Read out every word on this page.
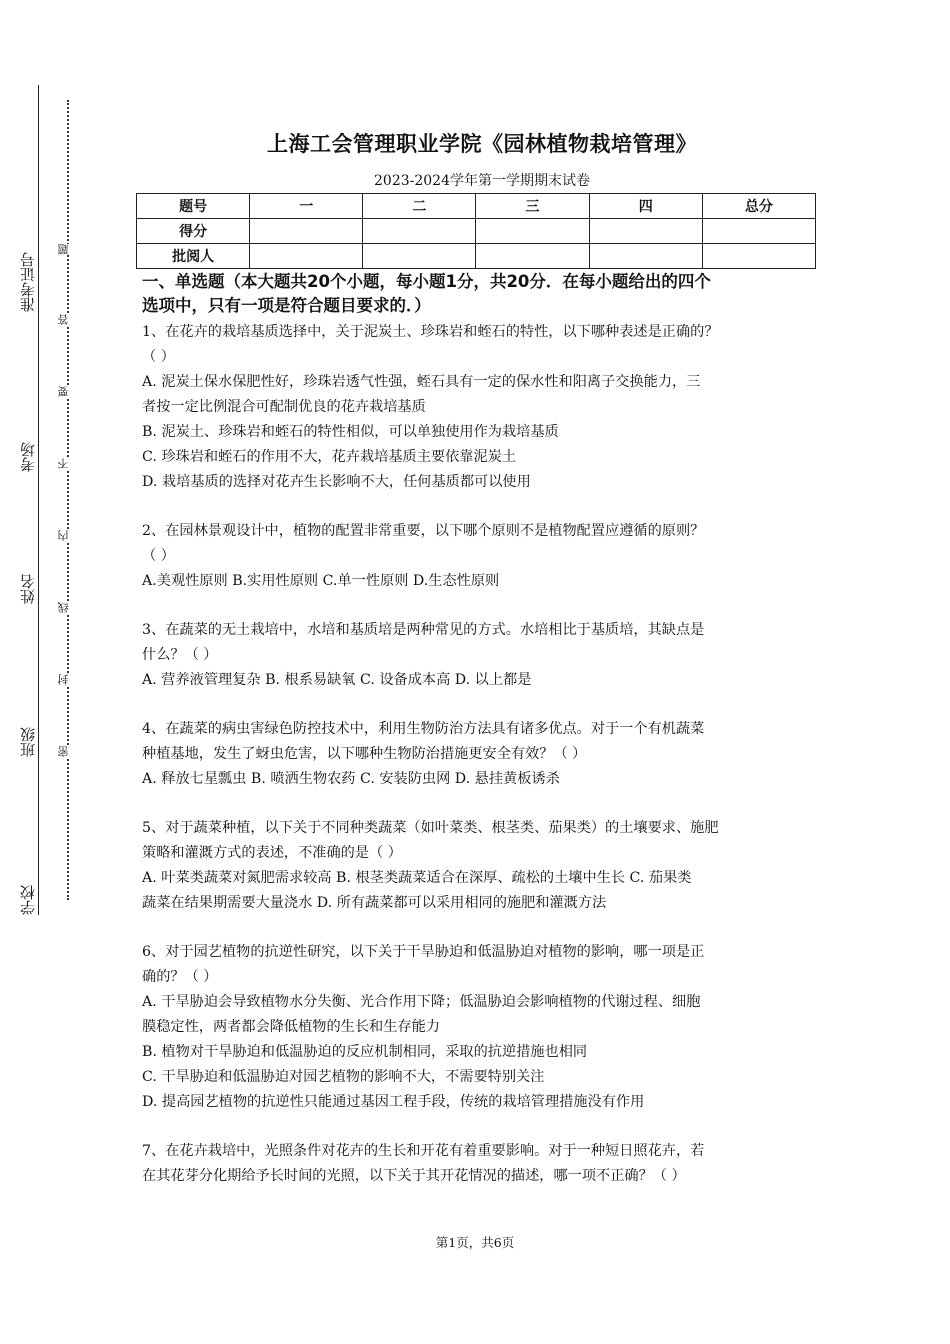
准考证号
考场
姓名
班级
学校
题
答
要
不
内
线
封
密
上海工会管理职业学院《园林植物栽培管理》
2023-2024学年第一学期期末试卷
题号	一	二	三	四	总分
得分					
批阅人					
一、单选题（本大题共20个小题，每小题1分，共20分．在每小题给出的四个
选项中，只有一项是符合题目要求的．）

1、在花卉的栽培基质选择中，关于泥炭土、珍珠岩和蛭石的特性，以下哪种表述是正确的？

（ ）

A. 泥炭土保水保肥性好，珍珠岩透气性强，蛭石具有一定的保水性和阳离子交换能力，三

者按一定比例混合可配制优良的花卉栽培基质

B. 泥炭土、珍珠岩和蛭石的特性相似，可以单独使用作为栽培基质

C. 珍珠岩和蛭石的作用不大，花卉栽培基质主要依靠泥炭土

D. 栽培基质的选择对花卉生长影响不大，任何基质都可以使用

2、在园林景观设计中，植物的配置非常重要，以下哪个原则不是植物配置应遵循的原则？

（ ）

A.美观性原则 B.实用性原则 C.单一性原则 D.生态性原则

3、在蔬菜的无土栽培中，水培和基质培是两种常见的方式。水培相比于基质培，其缺点是

什么？（ ）

A. 营养液管理复杂 B. 根系易缺氧 C. 设备成本高 D. 以上都是

4、在蔬菜的病虫害绿色防控技术中，利用生物防治方法具有诸多优点。对于一个有机蔬菜

种植基地，发生了蚜虫危害，以下哪种生物防治措施更安全有效？（ ）

A. 释放七星瓢虫 B. 喷洒生物农药 C. 安装防虫网 D. 悬挂黄板诱杀

5、对于蔬菜种植，以下关于不同种类蔬菜（如叶菜类、根茎类、茄果类）的土壤要求、施肥

策略和灌溉方式的表述，不准确的是（ ）

A. 叶菜类蔬菜对氮肥需求较高 B. 根茎类蔬菜适合在深厚、疏松的土壤中生长 C. 茄果类

蔬菜在结果期需要大量浇水 D. 所有蔬菜都可以采用相同的施肥和灌溉方法

6、对于园艺植物的抗逆性研究，以下关于干旱胁迫和低温胁迫对植物的影响，哪一项是正

确的？（ ）

A. 干旱胁迫会导致植物水分失衡、光合作用下降；低温胁迫会影响植物的代谢过程、细胞

膜稳定性，两者都会降低植物的生长和生存能力

B. 植物对干旱胁迫和低温胁迫的反应机制相同，采取的抗逆措施也相同

C. 干旱胁迫和低温胁迫对园艺植物的影响不大，不需要特别关注

D. 提高园艺植物的抗逆性只能通过基因工程手段，传统的栽培管理措施没有作用

7、在花卉栽培中，光照条件对花卉的生长和开花有着重要影响。对于一种短日照花卉，若

在其花芽分化期给予长时间的光照，以下关于其开花情况的描述，哪一项不正确？（ ）

第1页，共6页
